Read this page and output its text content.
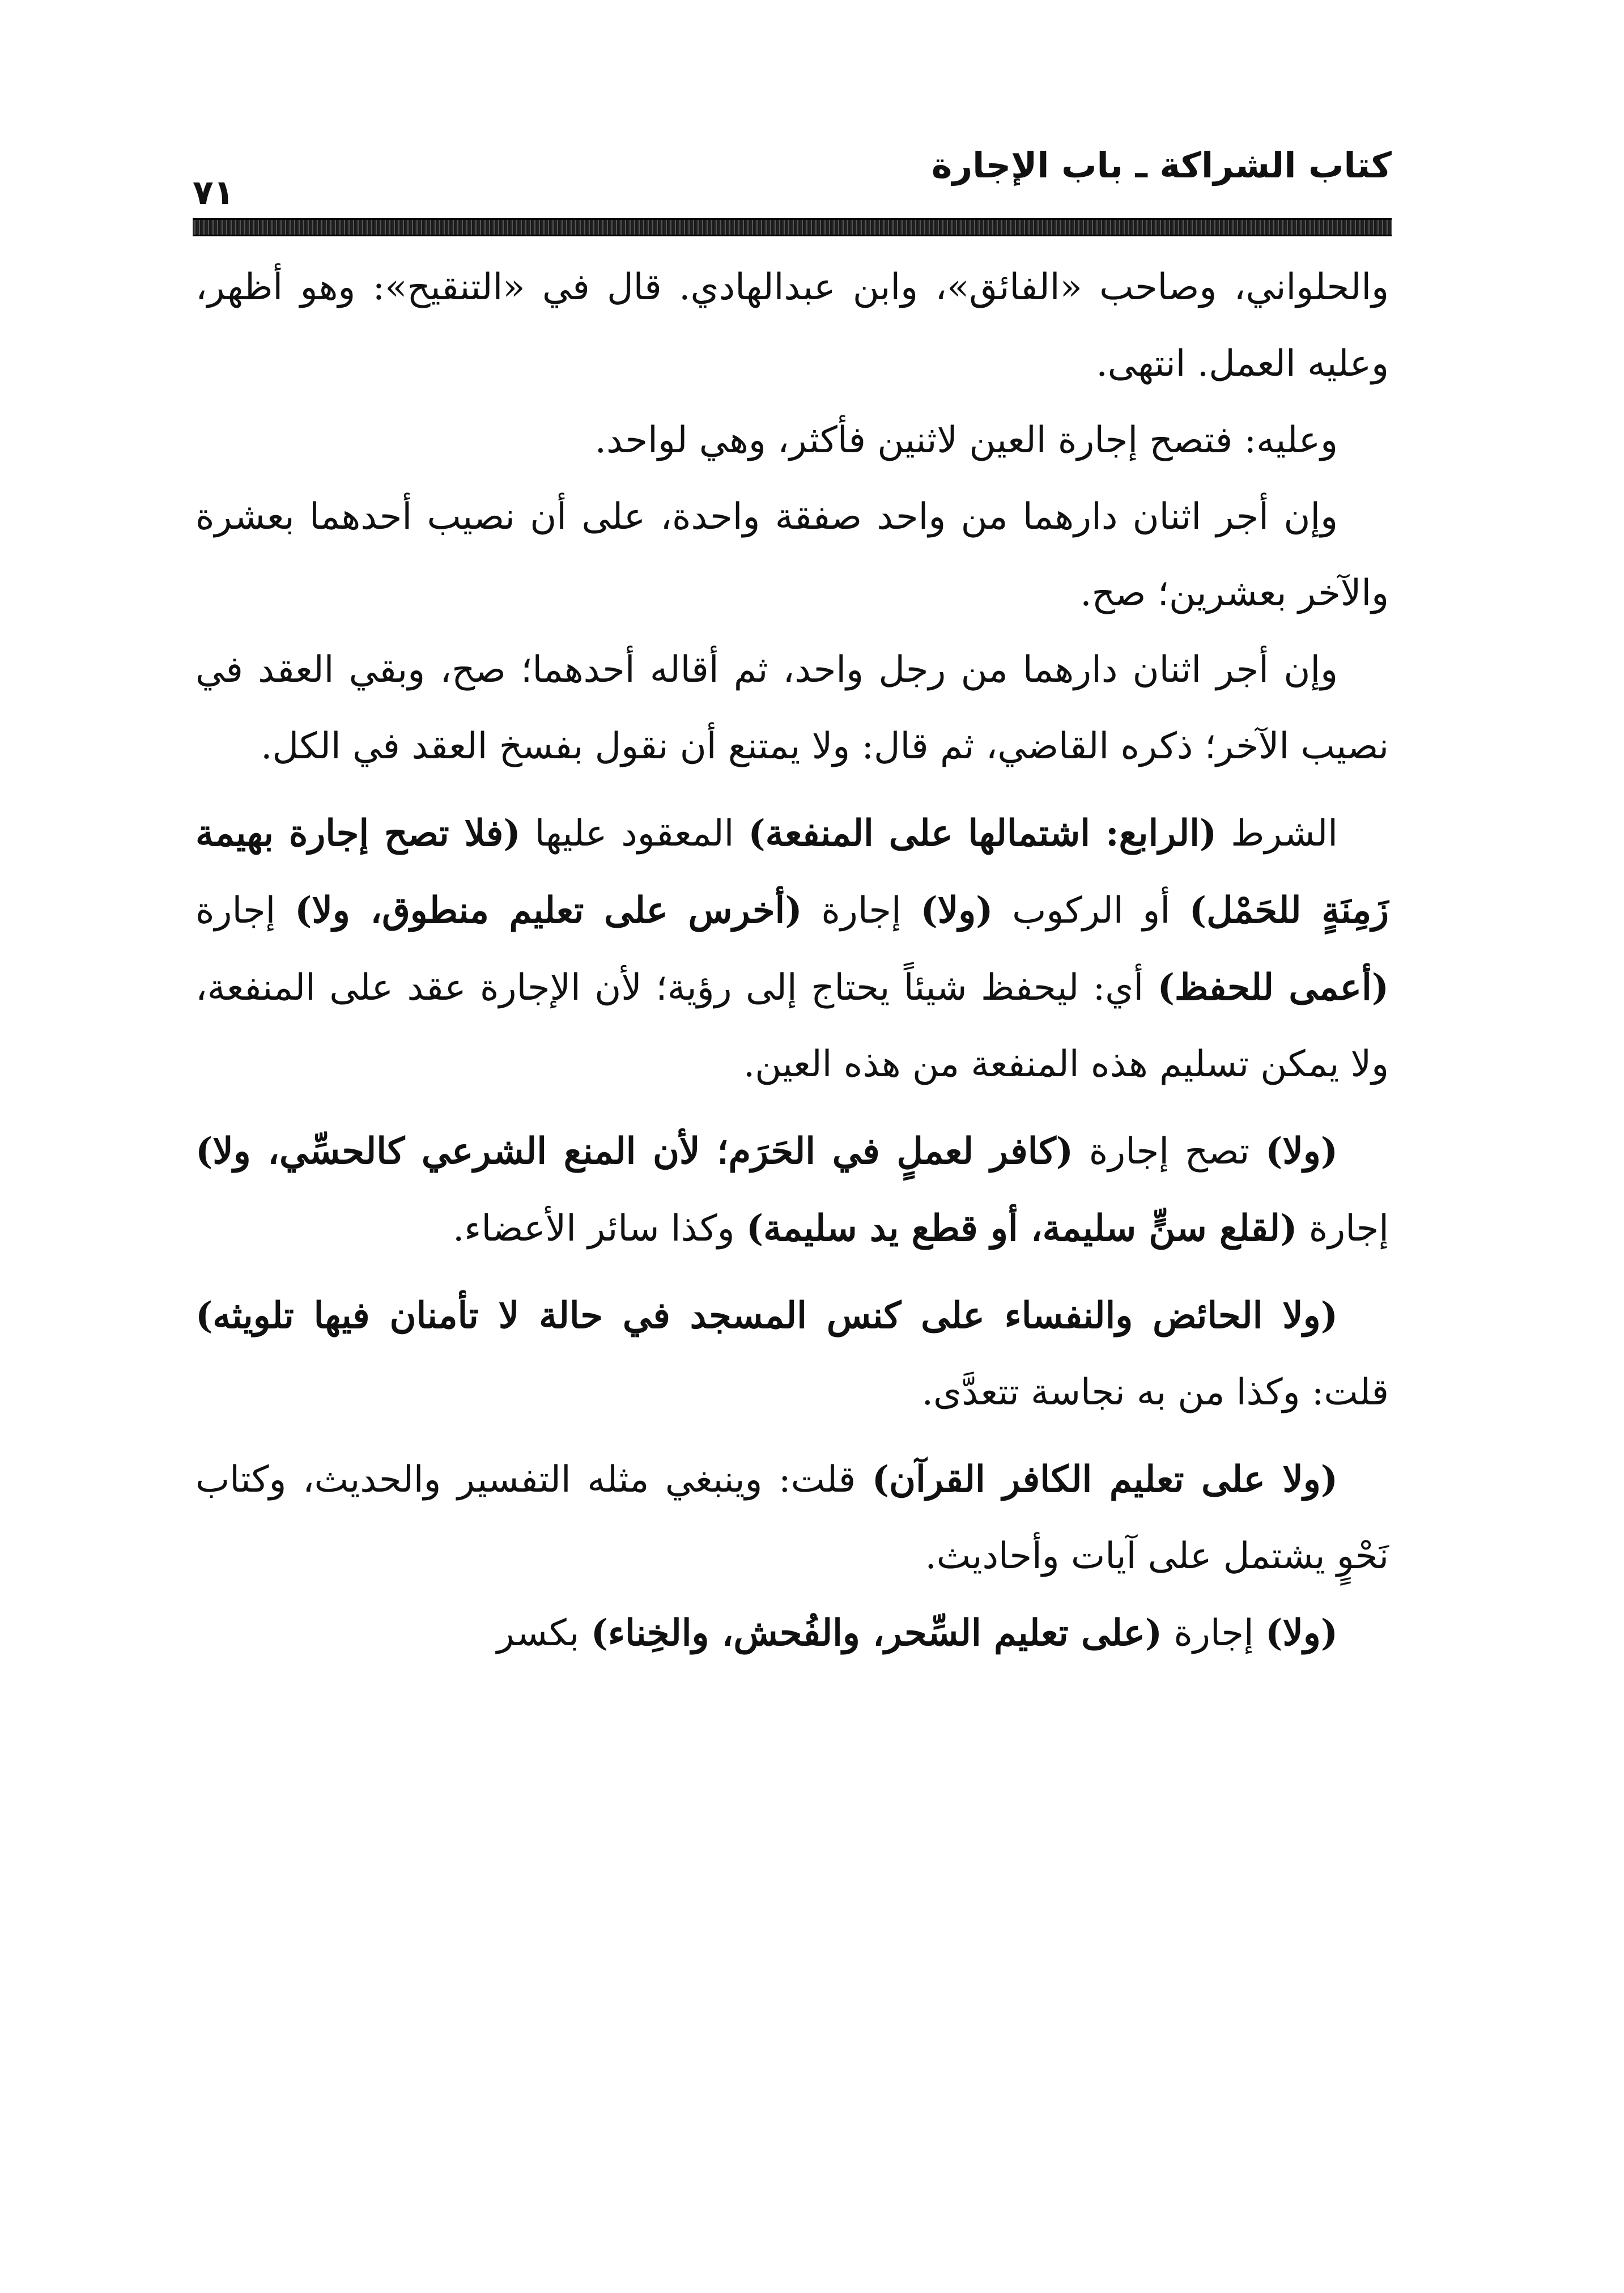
كتاب الشراكة ـ باب الإجارة
٧١

والحلواني، وصاحب «الفائق»، وابن عبدالهادي. قال في «التنقيح»: وهو أظهر، وعليه العمل. انتهى.

وعليه: فتصح إجارة العين لاثنين فأكثر، وهي لواحد.

وإن أجر اثنان دارهما من واحد صفقة واحدة، على أن نصيب أحدهما بعشرة والآخر بعشرين؛ صح.

وإن أجر اثنان دارهما من رجل واحد، ثم أقاله أحدهما؛ صح، وبقي العقد في نصيب الآخر؛ ذكره القاضي، ثم قال: ولا يمتنع أن نقول بفسخ العقد في الكل.

الشرط (الرابع: اشتمالها على المنفعة) المعقود عليها (فلا تصح إجارة بهيمة زَمِنَةٍ للحَمْل) أو الركوب (ولا) إجارة (أخرس على تعليم منطوق، ولا) إجارة (أعمى للحفظ) أي: ليحفظ شيئاً يحتاج إلى رؤية؛ لأن الإجارة عقد على المنفعة، ولا يمكن تسليم هذه المنفعة من هذه العين.

(ولا) تصح إجارة (كافر لعملٍ في الحَرَم؛ لأن المنع الشرعي كالحسِّي، ولا) إجارة (لقلع سنٍّ سليمة، أو قطع يد سليمة) وكذا سائر الأعضاء.

(ولا الحائض والنفساء على كنس المسجد في حالة لا تأمنان فيها تلويثه) قلت: وكذا من به نجاسة تتعدَّى.

(ولا على تعليم الكافر القرآن) قلت: وينبغي مثله التفسير والحديث، وكتاب نَحْوٍ يشتمل على آيات وأحاديث.

(ولا) إجارة (على تعليم السِّحر، والفُحش، والخِناء) بكسر
